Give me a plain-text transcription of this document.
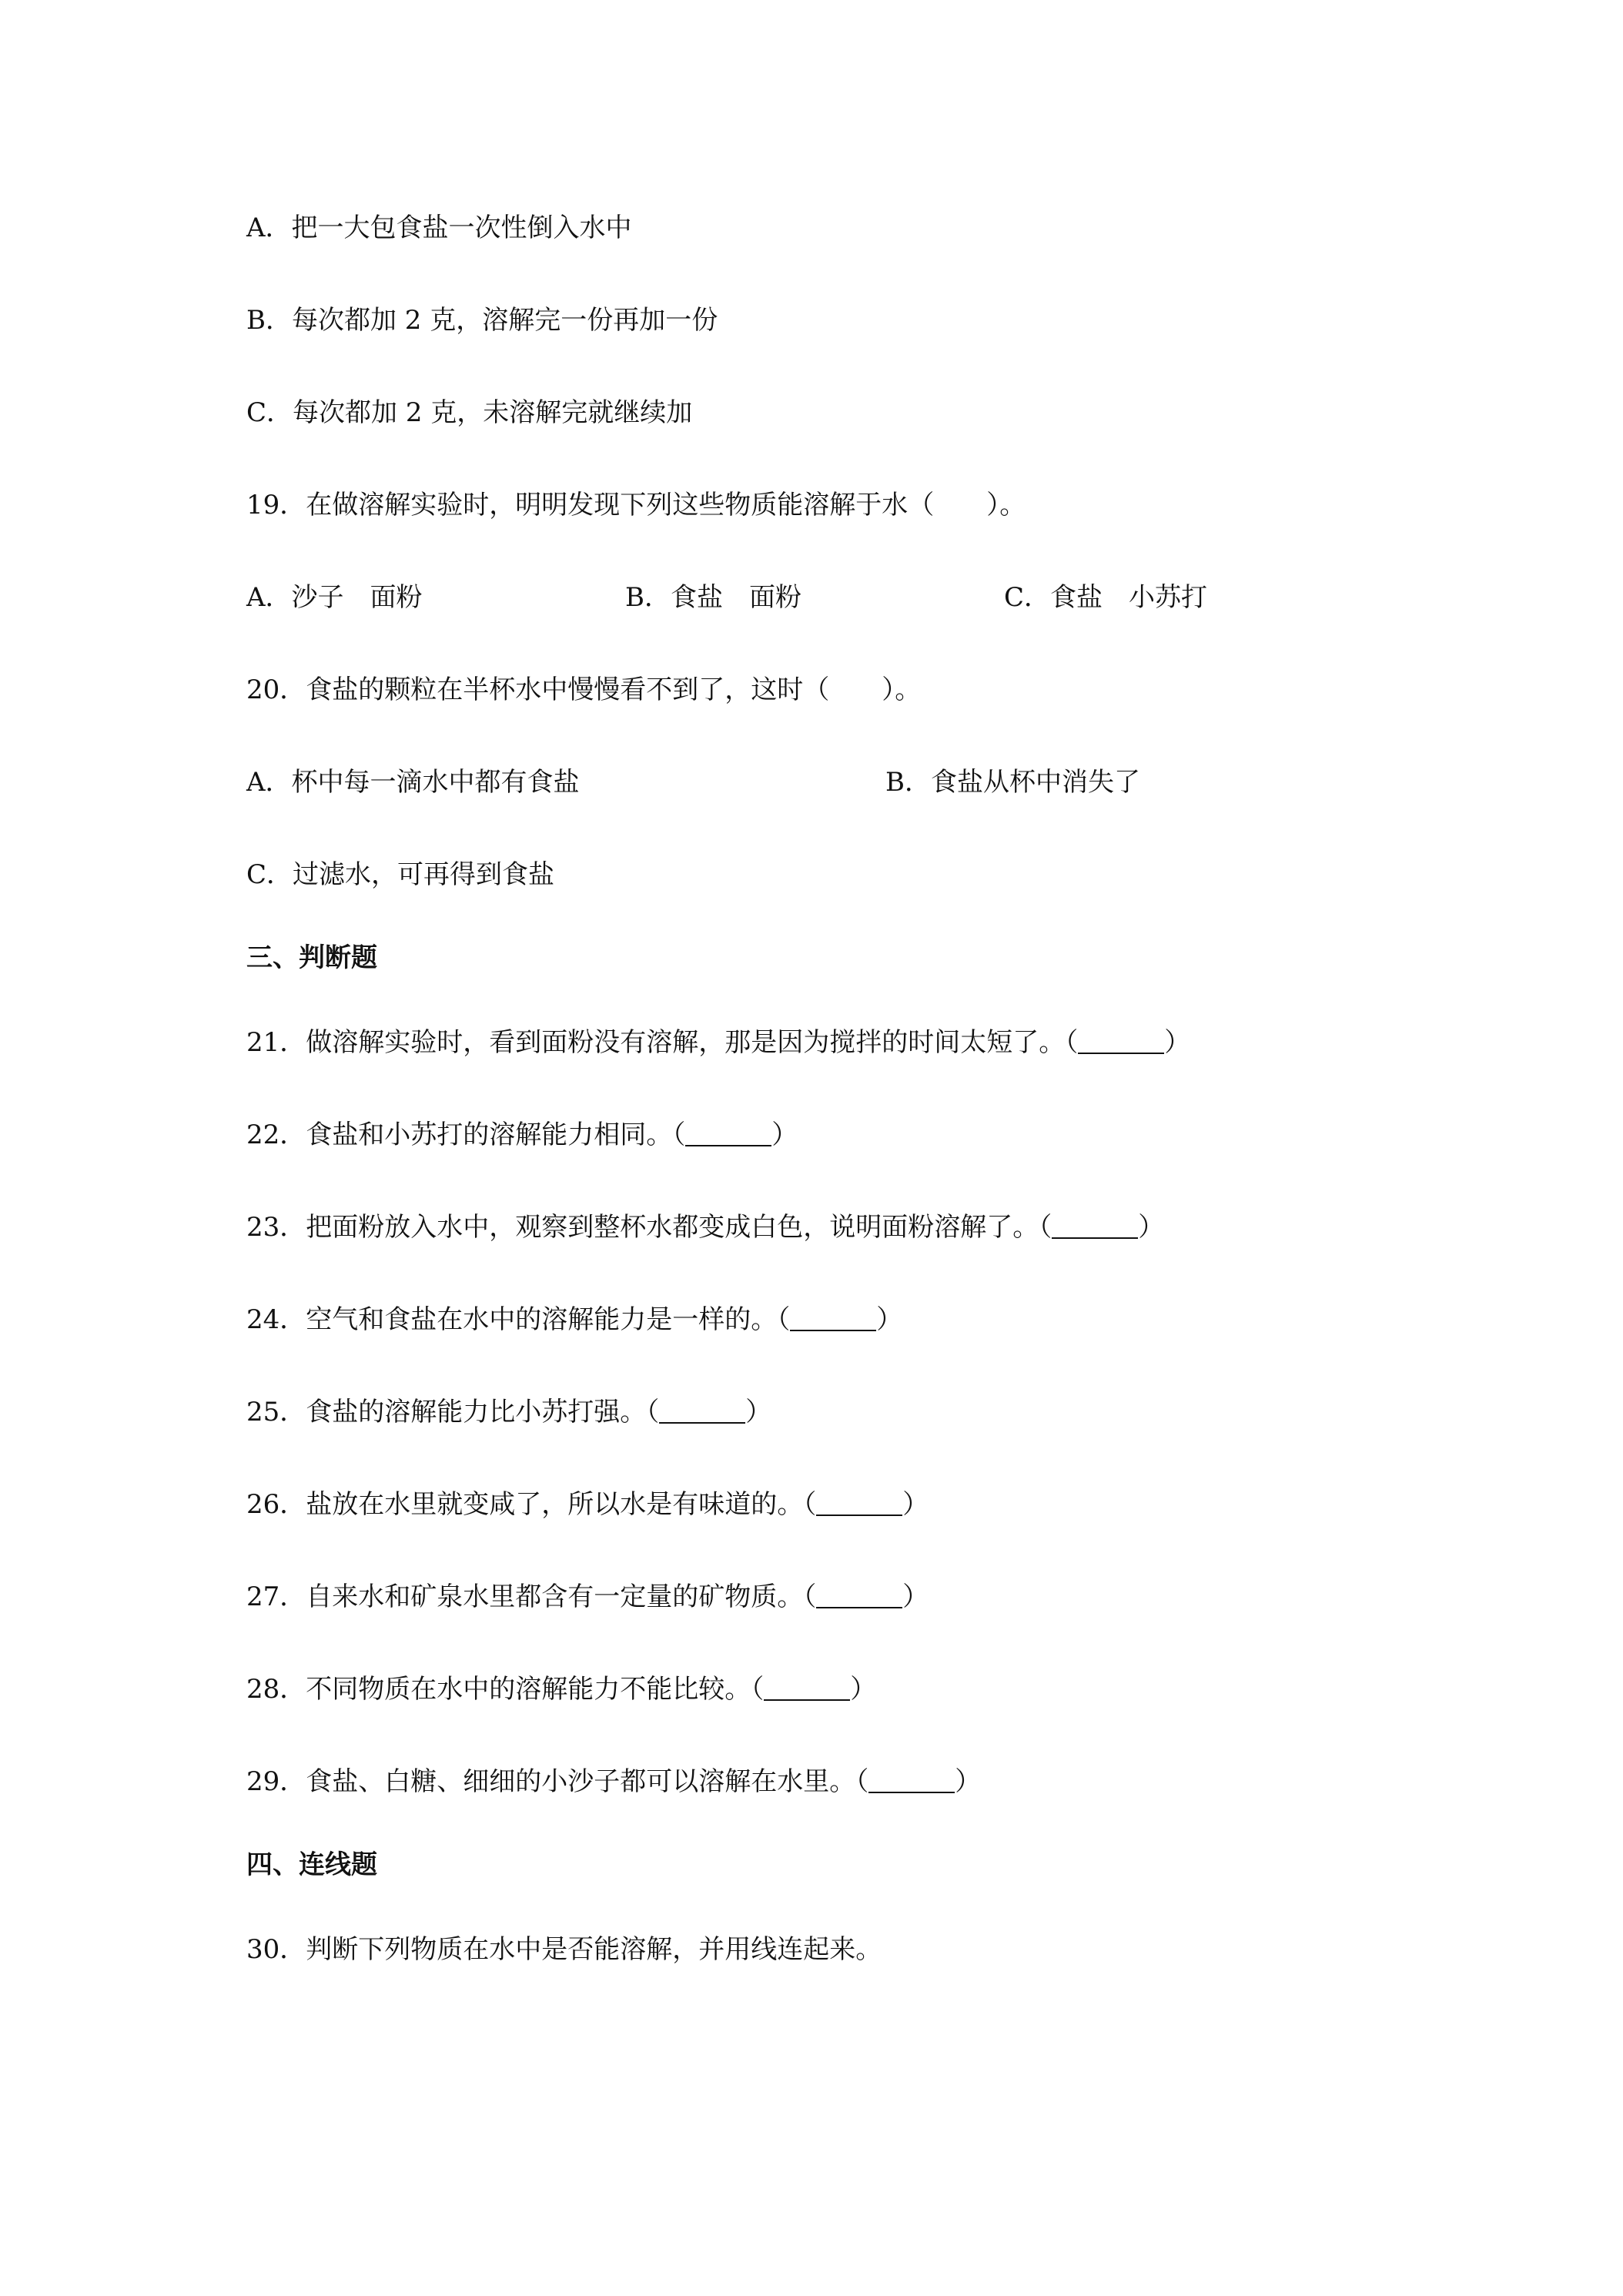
A．把一大包食盐一次性倒入水中
B．每次都加 2 克，溶解完一份再加一份
C．每次都加 2 克，未溶解完就继续加
19．在做溶解实验时，明明发现下列这些物质能溶解于水（　　）。
A．沙子　面粉	B．食盐　面粉	C．食盐　小苏打
20．食盐的颗粒在半杯水中慢慢看不到了，这时（　　）。
A．杯中每一滴水中都有食盐	B．食盐从杯中消失了
C．过滤水，可再得到食盐
三、判断题
21．做溶解实验时，看到面粉没有溶解，那是因为搅拌的时间太短了。（	）
22．食盐和小苏打的溶解能力相同。（	）
23．把面粉放入水中，观察到整杯水都变成白色，说明面粉溶解了。（	）
24．空气和食盐在水中的溶解能力是一样的。（	）
25．食盐的溶解能力比小苏打强。（	）
26．盐放在水里就变咸了，所以水是有味道的。（	）
27．自来水和矿泉水里都含有一定量的矿物质。（	）
28．不同物质在水中的溶解能力不能比较。（	）
29．食盐、白糖、细细的小沙子都可以溶解在水里。（	）
四、连线题
30．判断下列物质在水中是否能溶解，并用线连起来。
